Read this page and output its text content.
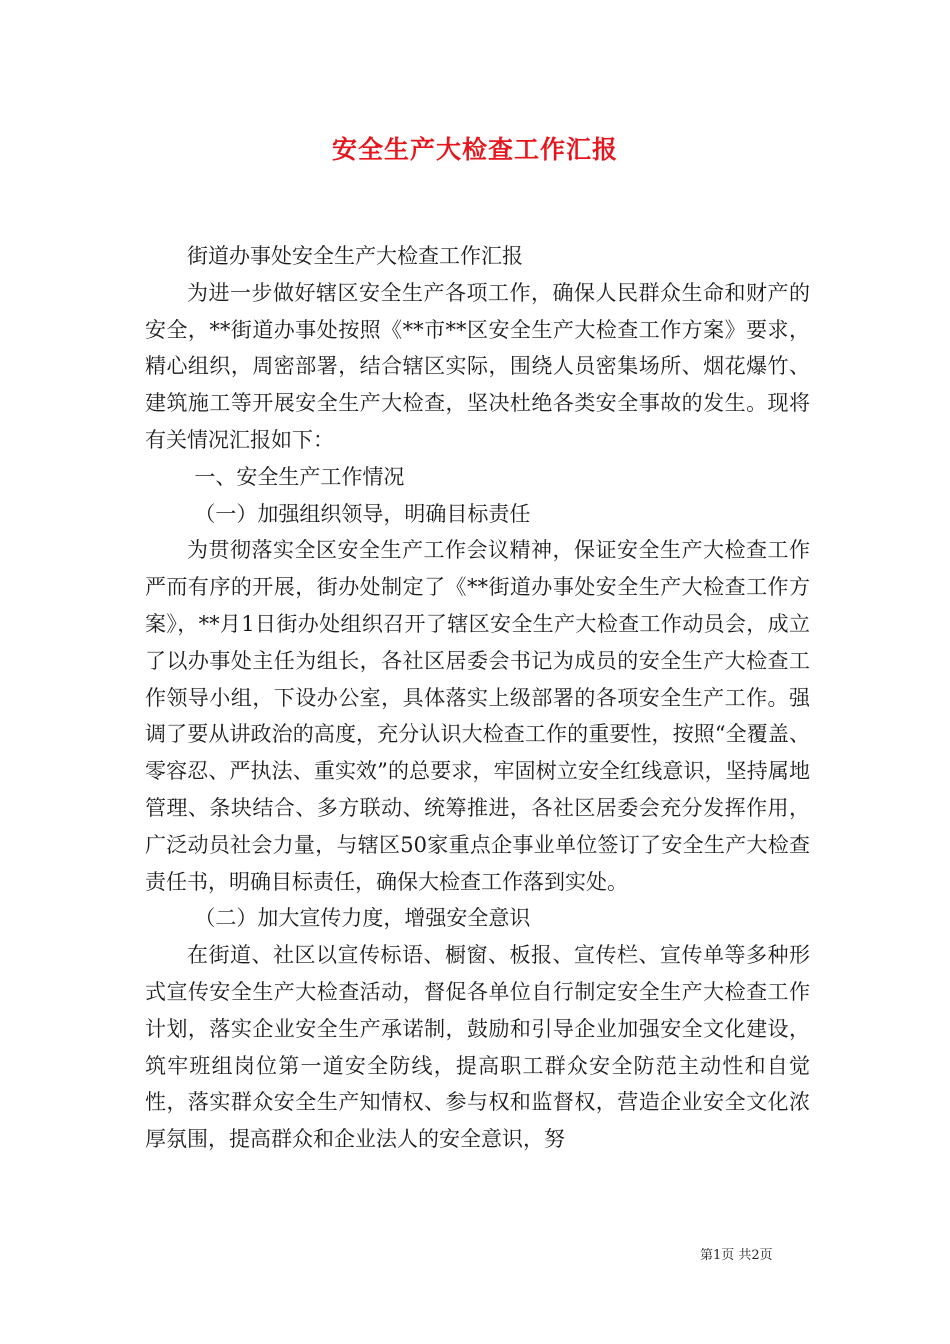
安全生产大检查工作汇报

街道办事处安全生产大检查工作汇报

为进一步做好辖区安全生产各项工作，确保人民群众生命和财产的安全，**街道办事处按照《**市**区安全生产大检查工作方案》要求，精心组织，周密部署，结合辖区实际，围绕人员密集场所、烟花爆竹、建筑施工等开展安全生产大检查，坚决杜绝各类安全事故的发生。现将有关情况汇报如下：

一、安全生产工作情况

（一）加强组织领导，明确目标责任

为贯彻落实全区安全生产工作会议精神，保证安全生产大检查工作严而有序的开展，街办处制定了《**街道办事处安全生产大检查工作方案》，**月1日街办处组织召开了辖区安全生产大检查工作动员会，成立了以办事处主任为组长，各社区居委会书记为成员的安全生产大检查工作领导小组，下设办公室，具体落实上级部署的各项安全生产工作。强调了要从讲政治的高度，充分认识大检查工作的重要性，按照“全覆盖、零容忍、严执法、重实效”的总要求，牢固树立安全红线意识，坚持属地管理、条块结合、多方联动、统筹推进，各社区居委会充分发挥作用，广泛动员社会力量，与辖区50家重点企事业单位签订了安全生产大检查责任书，明确目标责任，确保大检查工作落到实处。

（二）加大宣传力度，增强安全意识

在街道、社区以宣传标语、橱窗、板报、宣传栏、宣传单等多种形式宣传安全生产大检查活动，督促各单位自行制定安全生产大检查工作计划，落实企业安全生产承诺制，鼓励和引导企业加强安全文化建设，筑牢班组岗位第一道安全防线，提高职工群众安全防范主动性和自觉性，落实群众安全生产知情权、参与权和监督权，营造企业安全文化浓厚氛围，提高群众和企业法人的安全意识，努

第1页 共2页
